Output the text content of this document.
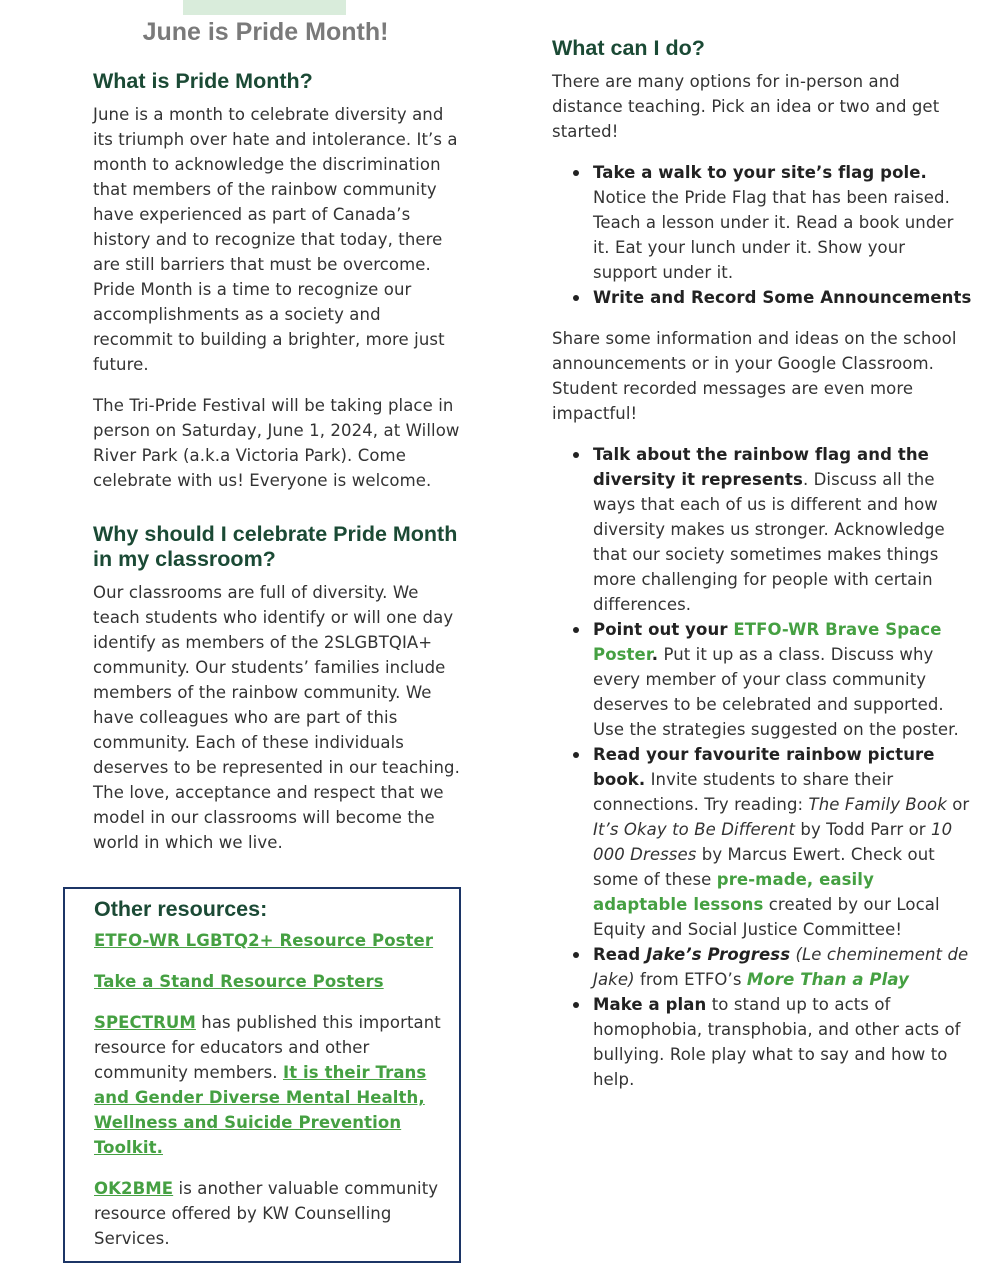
June is Pride Month!
What is Pride Month?

June is a month to celebrate diversity and its triumph over hate and intolerance. It’s a month to acknowledge the discrimination that members of the rainbow community have experienced as part of Canada’s history and to recognize that today, there are still barriers that must be overcome. Pride Month is a time to recognize our accomplishments as a society and recommit to building a brighter, more just future.

The Tri-Pride Festival will be taking place in person on Saturday, June 1, 2024, at Willow River Park (a.k.a Victoria Park). Come celebrate with us! Everyone is welcome.

Why should I celebrate Pride Month in my classroom?

Our classrooms are full of diversity. We teach students who identify or will one day identify as members of the 2SLGBTQIA+ community. Our students’ families include members of the rainbow community. We have colleagues who are part of this community. Each of these individuals deserves to be represented in our teaching. The love, acceptance and respect that we model in our classrooms will become the world in which we live.

Other resources:

ETFO-WR LGBTQ2+ Resource Poster

Take a Stand Resource Posters

SPECTRUM has published this important resource for educators and other community members. It is their Trans and Gender Diverse Mental Health, Wellness and Suicide Prevention Toolkit.

OK2BME is another valuable community resource offered by KW Counselling Services.

What can I do?

There are many options for in-person and distance teaching. Pick an idea or two and get started!

Take a walk to your site’s flag pole. Notice the Pride Flag that has been raised. Teach a lesson under it. Read a book under it. Eat your lunch under it. Show your support under it.
Write and Record Some Announcements

Share some information and ideas on the school announcements or in your Google Classroom. Student recorded messages are even more impactful!

Talk about the rainbow flag and the diversity it represents. Discuss all the ways that each of us is different and how diversity makes us stronger. Acknowledge that our society sometimes makes things more challenging for people with certain differences.
Point out your ETFO-WR Brave Space Poster. Put it up as a class. Discuss why every member of your class community deserves to be celebrated and supported. Use the strategies suggested on the poster.
Read your favourite rainbow picture book. Invite students to share their connections. Try reading: The Family Book or It’s Okay to Be Different by Todd Parr or 10 000 Dresses by Marcus Ewert. Check out some of these pre-made, easily adaptable lessons created by our Local Equity and Social Justice Committee!
Read Jake’s Progress (Le cheminement de Jake) from ETFO’s More Than a Play
Make a plan to stand up to acts of homophobia, transphobia, and other acts of bullying. Role play what to say and how to help.
